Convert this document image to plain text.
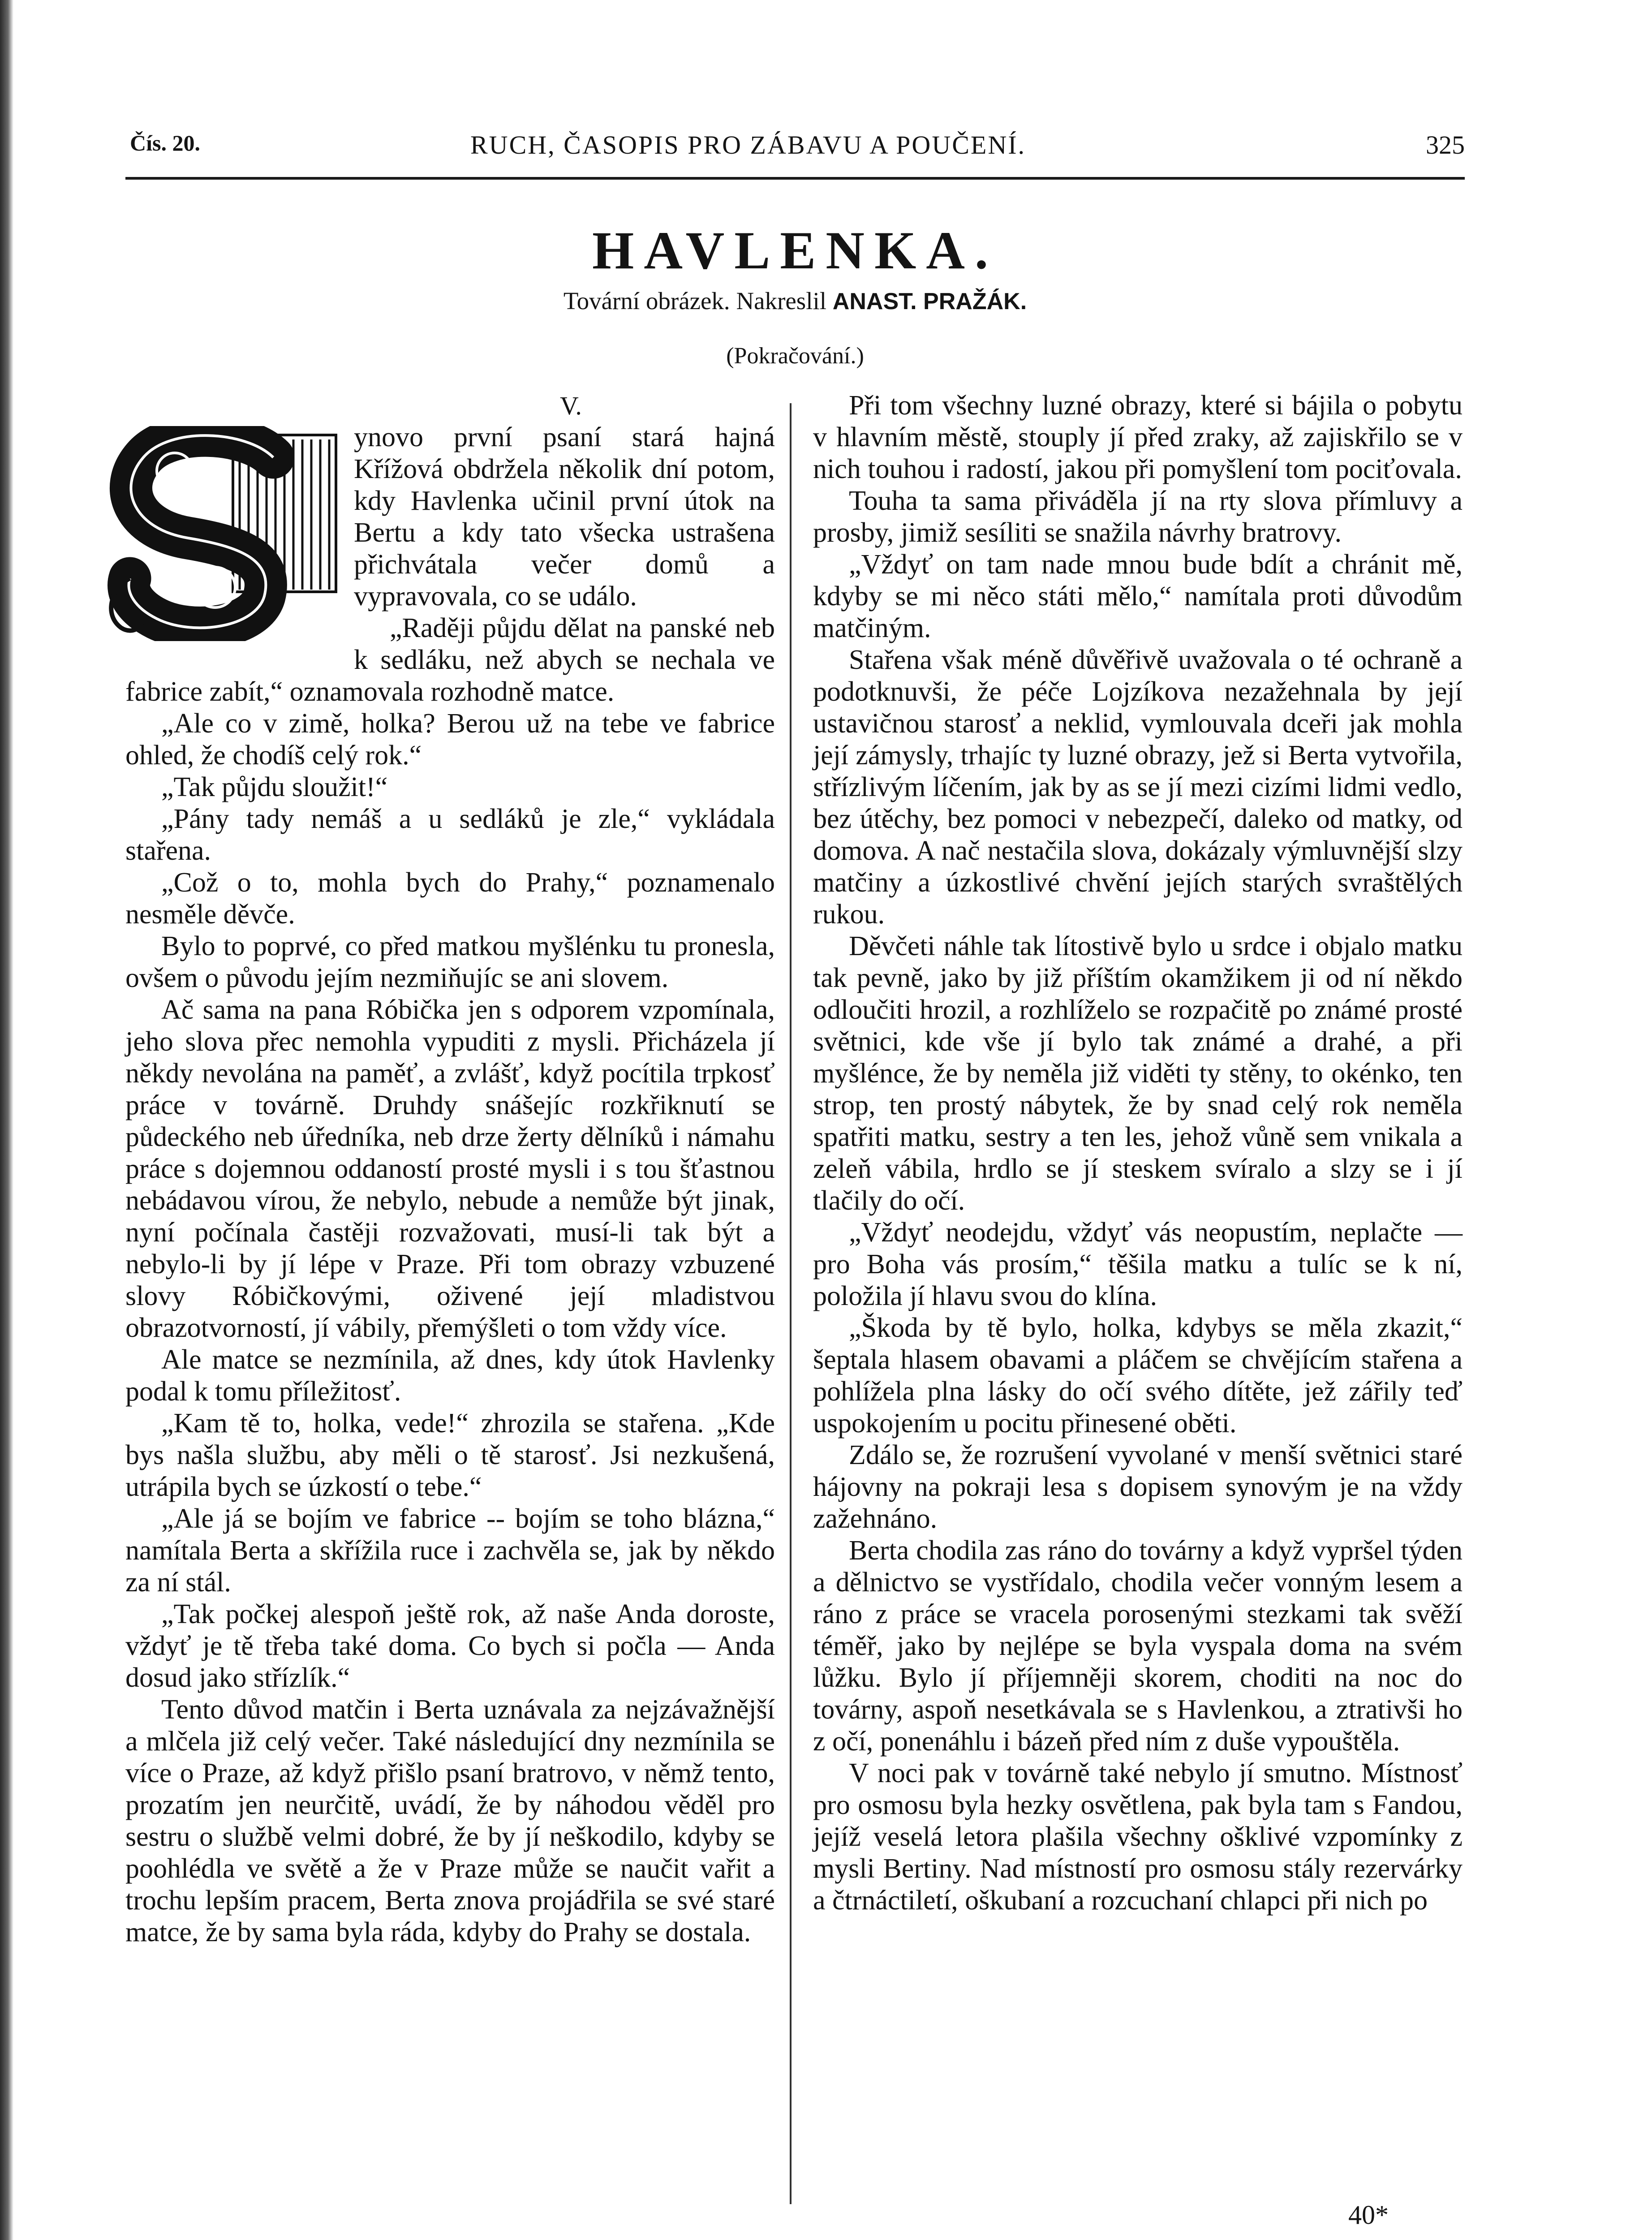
Čís. 20.	RUCH, ČASOPIS PRO ZÁBAVU A POUČENÍ.	325
HAVLENKA.
Tovární obrázek. Nakreslil ANAST. PRAŽÁK.
(Pokračování.)
V.

ynovo první psaní stará hajná Křížová obdržela několik dní potom, kdy Havlenka učinil první útok na Bertu a kdy tato všecka ustrašena přichvátala večer domů a vypravovala, co se událo.

„Raději půjdu dělat na panské neb k sedláku, než abych se nechala ve fabrice zabít,“ oznamovala rozhodně matce.

„Ale co v zimě, holka? Berou už na tebe ve fabrice ohled, že chodíš celý rok.“

„Tak půjdu sloužit!“

„Pány tady nemáš a u sedláků je zle,“ vykládala stařena.

„Což o to, mohla bych do Prahy,“ poznamenalo nesměle děvče.

Bylo to poprvé, co před matkou myšlénku tu pronesla, ovšem o původu jejím nezmiňujíc se ani slovem.

Ač sama na pana Róbička jen s odporem vzpomínala, jeho slova přec nemohla vypuditi z mysli. Přicházela jí někdy nevolána na paměť, a zvlášť, když pocítila trpkosť práce v továrně. Druhdy snášejíc rozkřiknutí se půdeckého neb úředníka, neb drze žerty dělníků i námahu práce s dojemnou oddaností prosté mysli i s tou šťastnou nebádavou vírou, že nebylo, nebude a nemůže být jinak, nyní počínala častěji rozvažovati, musí-li tak být a nebylo-li by jí lépe v Praze. Při tom obrazy vzbuzené slovy Róbičkovými, oživené její mladistvou obrazotvorností, jí vábily, přemýšleti o tom vždy více.

Ale matce se nezmínila, až dnes, kdy útok Havlenky podal k tomu příležitosť.

„Kam tě to, holka, vede!“ zhrozila se stařena. „Kde bys našla službu, aby měli o tě starosť. Jsi nezkušená, utrápila bych se úzkostí o tebe.“

„Ale já se bojím ve fabrice -- bojím se toho blázna,“ namítala Berta a skřížila ruce i zachvěla se, jak by někdo za ní stál.

„Tak počkej alespoň ještě rok, až naše Anda doroste, vždyť je tě třeba také doma. Co bych si počla — Anda dosud jako střízlík.“

Tento důvod matčin i Berta uznávala za nejzávažnější a mlčela již celý večer. Také následující dny nezmínila se více o Praze, až když přišlo psaní bratrovo, v němž tento, prozatím jen neurčitě, uvádí, že by náhodou věděl pro sestru o službě velmi dobré, že by jí neškodilo, kdyby se poohlédla ve světě a že v Praze může se naučit vařit a trochu lepším pracem, Berta znova projádřila se své staré matce, že by sama byla ráda, kdyby do Prahy se dostala.

Při tom všechny luzné obrazy, které si bájila o pobytu v hlavním městě, stouply jí před zraky, až zajiskřilo se v nich touhou i radostí, jakou při pomyšlení tom pociťovala.

Touha ta sama přiváděla jí na rty slova přímluvy a prosby, jimiž sesíliti se snažila návrhy bratrovy.

„Vždyť on tam nade mnou bude bdít a chránit mě, kdyby se mi něco státi mělo,“ namítala proti důvodům matčiným.

Stařena však méně důvěřivě uvažovala o té ochraně a podotknuvši, že péče Lojzíkova nezažehnala by její ustavičnou starosť a neklid, vymlouvala dceři jak mohla její zámysly, trhajíc ty luzné obrazy, jež si Berta vytvořila, střízlivým líčením, jak by as se jí mezi cizími lidmi vedlo, bez útěchy, bez pomoci v nebezpečí, daleko od matky, od domova. A nač nestačila slova, dokázaly výmluvnější slzy matčiny a úzkostlivé chvění jejích starých svraštělých rukou.

Děvčeti náhle tak lítostivě bylo u srdce i objalo matku tak pevně, jako by již příštím okamžikem ji od ní někdo odloučiti hrozil, a rozhlíželo se rozpačitě po známé prosté světnici, kde vše jí bylo tak známé a drahé, a při myšlénce, že by neměla již viděti ty stěny, to okénko, ten strop, ten prostý nábytek, že by snad celý rok neměla spatřiti matku, sestry a ten les, jehož vůně sem vnikala a zeleň vábila, hrdlo se jí steskem svíralo a slzy se i jí tlačily do očí.

„Vždyť neodejdu, vždyť vás neopustím, neplačte — pro Boha vás prosím,“ těšila matku a tulíc se k ní, položila jí hlavu svou do klína.

„Škoda by tě bylo, holka, kdybys se měla zkazit,“ šeptala hlasem obavami a pláčem se chvějícím stařena a pohlížela plna lásky do očí svého dítěte, jež zářily teď uspokojením u pocitu přinesené oběti.

Zdálo se, že rozrušení vyvolané v menší světnici staré hájovny na pokraji lesa s dopisem synovým je na vždy zažehnáno.

Berta chodila zas ráno do továrny a když vypršel týden a dělnictvo se vystřídalo, chodila večer vonným lesem a ráno z práce se vracela porosenými stezkami tak svěží téměř, jako by nejlépe se byla vyspala doma na svém lůžku. Bylo jí příjemněji skorem, choditi na noc do továrny, aspoň nesetkávala se s Havlenkou, a ztrativši ho z očí, ponenáhlu i bázeň před ním z duše vypouštěla.

V noci pak v továrně také nebylo jí smutno. Místnosť pro osmosu byla hezky osvětlena, pak byla tam s Fandou, jejíž veselá letora plašila všechny ošklivé vzpomínky z mysli Bertiny. Nad místností pro osmosu stály rezervárky a čtrnáctiletí, oškubaní a rozcuchaní chlapci při nich po

40*
